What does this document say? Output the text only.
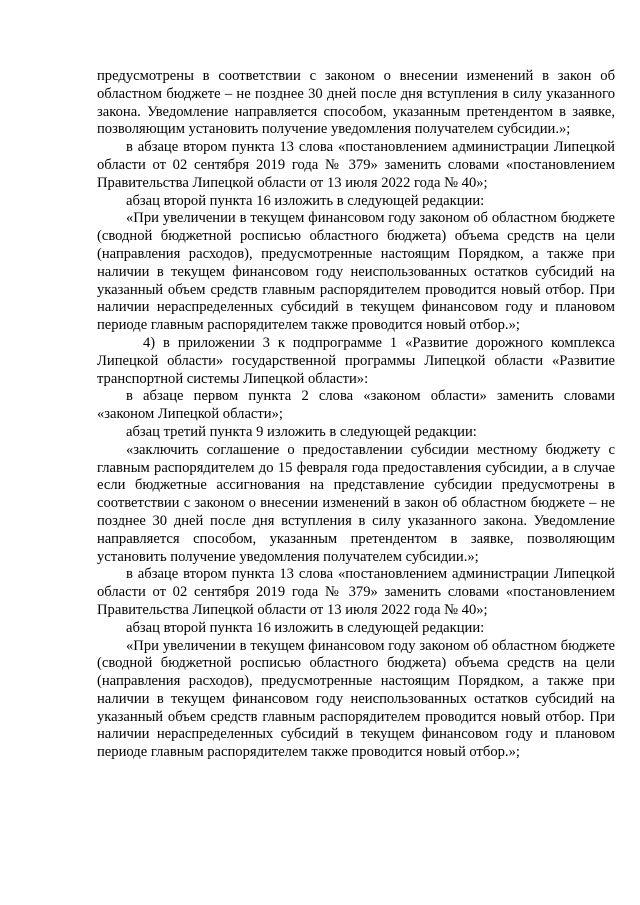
предусмотрены в соответствии с законом о внесении изменений в закон об областном бюджете – не позднее 30 дней после дня вступления в силу указанного закона. Уведомление направляется способом, указанным претендентом в заявке, позволяющим установить получение уведомления получателем субсидии.»;

в абзаце втором пункта 13 слова «постановлением администрации Липецкой области от 02 сентября 2019 года № 379» заменить словами «постановлением Правительства Липецкой области от 13 июля 2022 года № 40»;

абзац второй пункта 16 изложить в следующей редакции:

«При увеличении в текущем финансовом году законом об областном бюджете (сводной бюджетной росписью областного бюджета) объема средств на цели (направления расходов), предусмотренные настоящим Порядком, а также при наличии в текущем финансовом году неиспользованных остатков субсидий на указанный объем средств главным распорядителем проводится новый отбор. При наличии нераспределенных субсидий в текущем финансовом году и плановом периоде главным распорядителем также проводится новый отбор.»;

4) в приложении 3 к подпрограмме 1 «Развитие дорожного комплекса Липецкой области» государственной программы Липецкой области «Развитие транспортной системы Липецкой области»:

в абзаце первом пункта 2 слова «законом области» заменить словами «законом Липецкой области»;

абзац третий пункта 9 изложить в следующей редакции:

«заключить соглашение о предоставлении субсидии местному бюджету с главным распорядителем до 15 февраля года предоставления субсидии, а в случае если бюджетные ассигнования на представление субсидии предусмотрены в соответствии с законом о внесении изменений в закон об областном бюджете – не позднее 30 дней после дня вступления в силу указанного закона. Уведомление направляется способом, указанным претендентом в заявке, позволяющим установить получение уведомления получателем субсидии.»;

в абзаце втором пункта 13 слова «постановлением администрации Липецкой области от 02 сентября 2019 года № 379» заменить словами «постановлением Правительства Липецкой области от 13 июля 2022 года № 40»;

абзац второй пункта 16 изложить в следующей редакции:

«При увеличении в текущем финансовом году законом об областном бюджете (сводной бюджетной росписью областного бюджета) объема средств на цели (направления расходов), предусмотренные настоящим Порядком, а также при наличии в текущем финансовом году неиспользованных остатков субсидий на указанный объем средств главным распорядителем проводится новый отбор. При наличии нераспределенных субсидий в текущем финансовом году и плановом периоде главным распорядителем также проводится новый отбор.»;
